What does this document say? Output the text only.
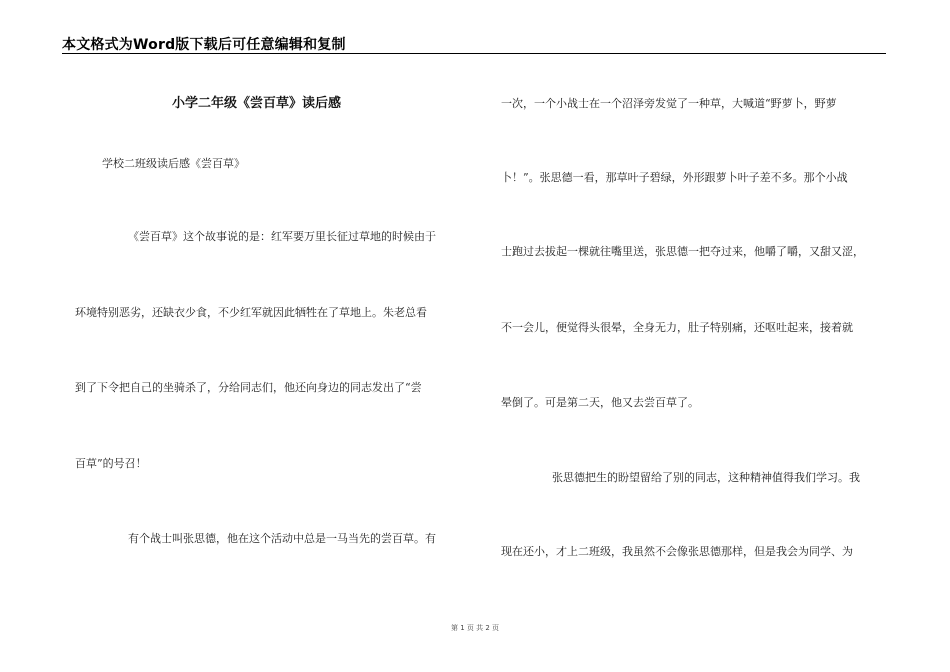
本文格式为Word版下载后可任意编辑和复制
小学二年级《尝百草》读后感
学校二班级读后感《尝百草》
《尝百草》这个故事说的是：红军要万里长征过草地的时候由于
环境特别恶劣，还缺衣少食，不少红军就因此牺牲在了草地上。朱老总看
到了下令把自己的坐骑杀了，分给同志们，他还向身边的同志发出了“尝
百草”的号召！
有个战士叫张思德，他在这个活动中总是一马当先的尝百草。有
一次，一个小战士在一个沼泽旁发觉了一种草，大喊道“野萝卜，野萝
卜！”。张思德一看，那草叶子碧绿，外形跟萝卜叶子差不多。那个小战
士跑过去拔起一棵就往嘴里送，张思德一把夺过来，他嚼了嚼，又甜又涩，
不一会儿，便觉得头很晕，全身无力，肚子特别痛，还呕吐起来，接着就
晕倒了。可是第二天，他又去尝百草了。
张思德把生的盼望留给了别的同志，这种精神值得我们学习。我
现在还小，才上二班级，我虽然不会像张思德那样，但是我会为同学、为
第 1 页 共 2 页
